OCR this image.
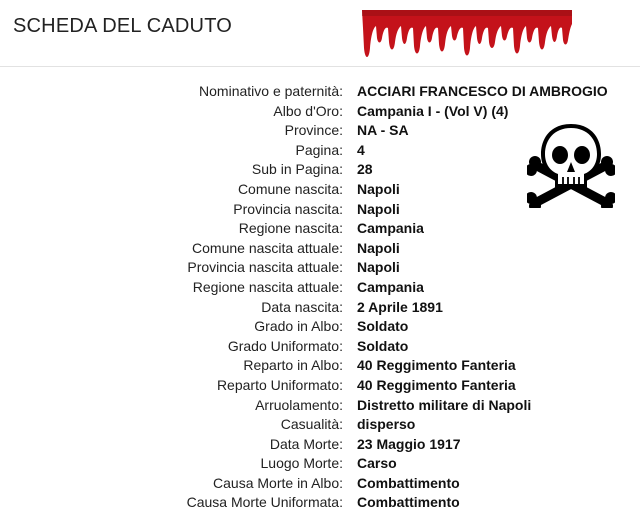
SCHEDA DEL CADUTO
Nominativo e paternità: ACCIARI FRANCESCO DI AMBROGIO
Albo d'Oro: Campania I - (Vol V) (4)
Province: NA - SA
Pagina: 4
Sub in Pagina: 28
Comune nascita: Napoli
Provincia nascita: Napoli
Regione nascita: Campania
Comune nascita attuale: Napoli
Provincia nascita attuale: Napoli
Regione nascita attuale: Campania
Data nascita: 2 Aprile 1891
Grado in Albo: Soldato
Grado Uniformato: Soldato
Reparto in Albo: 40 Reggimento Fanteria
Reparto Uniformato: 40 Reggimento Fanteria
Arruolamento: Distretto militare di Napoli
Casualità: disperso
Data Morte: 23 Maggio 1917
Luogo Morte: Carso
Causa Morte in Albo: Combattimento
Causa Morte Uniformata: Combattimento
